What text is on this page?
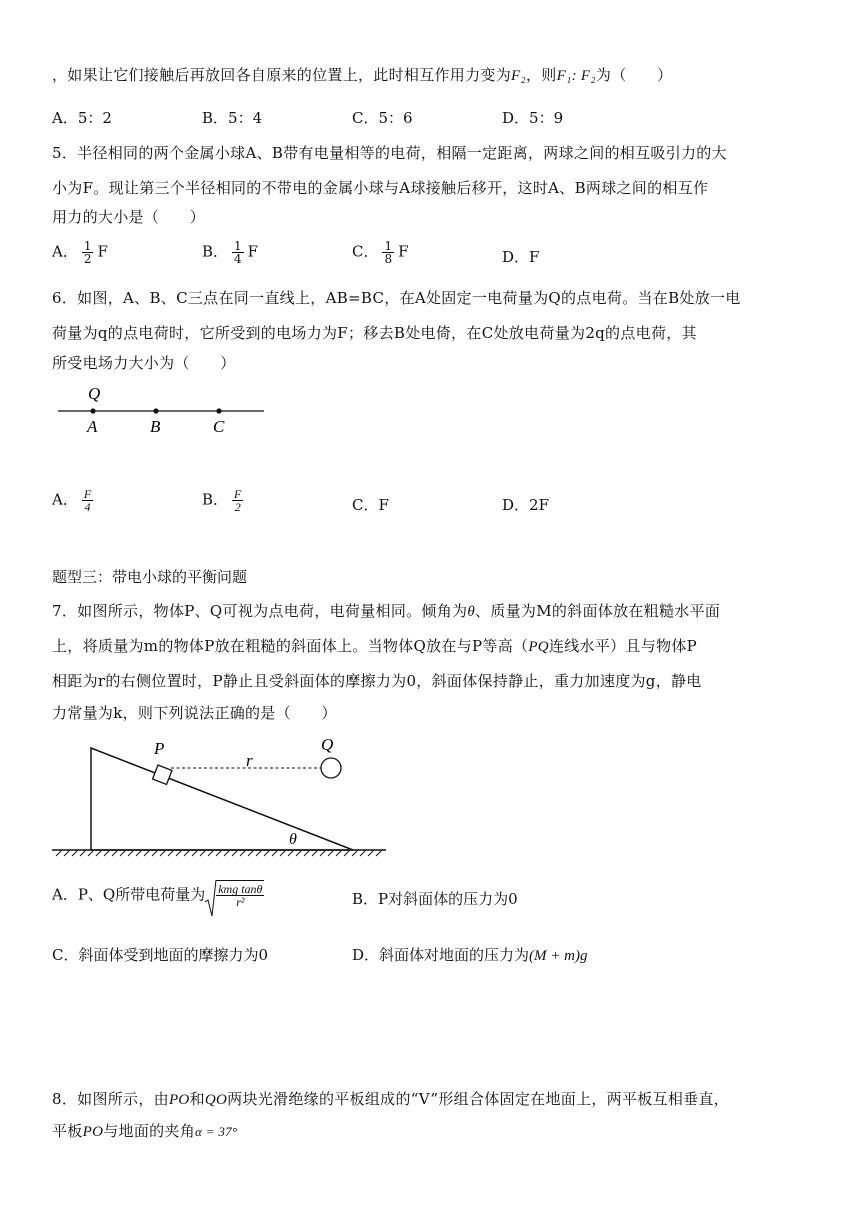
，如果让它们接触后再放回各自原来的位置上，此时相互作用力变为F₂，则F₁: F₂为（　　）
A．5：2	B．5：4	C．5：6	D．5：9
5．半径相同的两个金属小球A、B带有电量相等的电荷，相隔一定距离，两球之间的相互吸引力的大
小为F。现让第三个半径相同的不带电的金属小球与A球接触后移开，这时A、B两球之间的相互作
用力的大小是（　　）
A． $\frac{1}{2}$ F	B． $\frac{1}{4}$ F	C． $\frac{1}{8}$ F	D．F
6．如图，A、B、C三点在同一直线上，AB=BC，在A处固定一电荷量为Q的点电荷。当在B处放一电
荷量为q的点电荷时，它所受到的电场力为F；移去B处电倚，在C处放电荷量为2q的点电荷，其
所受电场力大小为（　　）
Q
A	B	C
A． $\frac{F}{4}$	B． $\frac{F}{2}$	C．F	D．2F
题型三：带电小球的平衡问题
7．如图所示，物体P、Q可视为点电荷，电荷量相同。倾角为θ、质量为M的斜面体放在粗糙水平面
上，将质量为m的物体P放在粗糙的斜面体上。当物体Q放在与P等高（PQ连线水平）且与物体P
相距为r的右侧位置时，P静止且受斜面体的摩擦力为0，斜面体保持静止，重力加速度为g，静电
力常量为k，则下列说法正确的是（　　）
P	Q
r
θ
A．P、Q所带电荷量为 $\frac{\text{kmg tanθ}}{\text{r²}}$	B．P对斜面体的压力为0
C．斜面体受到地面的摩擦力为0	D．斜面体对地面的压力为(M + m)g
8．如图所示，由PO和QO两块光滑绝缘的平板组成的“V”形组合体固定在地面上，两平板互相垂直，
平板PO与地面的夹角α = 37°
